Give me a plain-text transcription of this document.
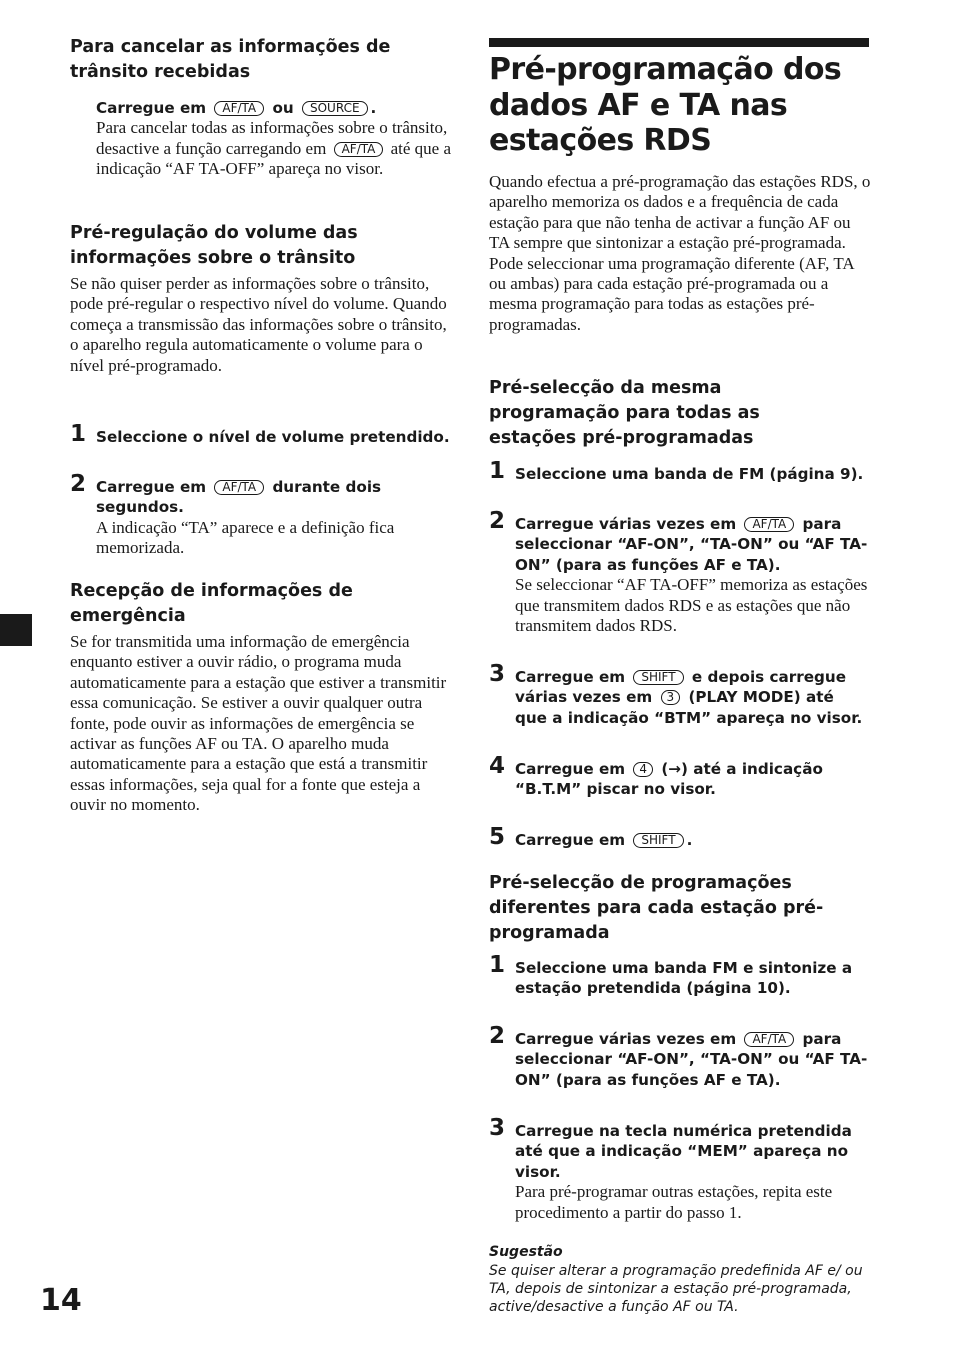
Para cancelar as informações de trânsito recebidas
Carregue em AF/TA ou SOURCE .
Para cancelar todas as informações sobre o trânsito, desactive a função carregando em AF/TA até que a indicação “AF TA-OFF” apareça no visor.
Pré-regulação do volume das informações sobre o trânsito
Se não quiser perder as informações sobre o trânsito, pode pré-regular o respectivo nível do volume. Quando começa a transmissão das informações sobre o trânsito, o aparelho regula automaticamente o volume para o nível pré-programado.
1 Seleccione o nível de volume pretendido.
2 Carregue em AF/TA durante dois segundos.
A indicação “TA” aparece e a definição fica memorizada.
Recepção de informações de emergência
Se for transmitida uma informação de emergência enquanto estiver a ouvir rádio, o programa muda automaticamente para a estação que estiver a transmitir essa comunicação. Se estiver a ouvir qualquer outra fonte, pode ouvir as informações de emergência se activar as funções AF ou TA. O aparelho muda automaticamente para a estação que está a transmitir essas informações, seja qual for a fonte que esteja a ouvir no momento.
Pré-programação dos dados AF e TA nas estações RDS
Quando efectua a pré-programação das estações RDS, o aparelho memoriza os dados e a frequência de cada estação para que não tenha de activar a função AF ou TA sempre que sintonizar a estação pré-programada. Pode seleccionar uma programação diferente (AF, TA ou ambas) para cada estação pré-programada ou a mesma programação para todas as estações pré-programadas.
Pré-selecção da mesma programação para todas as estações pré-programadas
1 Seleccione uma banda de FM (página 9).
2 Carregue várias vezes em AF/TA para seleccionar “AF-ON”, “TA-ON” ou “AF TA-ON” (para as funções AF e TA).
Se seleccionar “AF TA-OFF” memoriza as estações que transmitem dados RDS e as estações que não transmitem dados RDS.
3 Carregue em SHIFT e depois carregue várias vezes em 3 (PLAY MODE) até que a indicação “BTM” apareça no visor.
4 Carregue em 4 (→) até a indicação “B.T.M” piscar no visor.
5 Carregue em SHIFT .
Pré-selecção de programações diferentes para cada estação pré-programada
1 Seleccione uma banda FM e sintonize a estação pretendida (página 10).
2 Carregue várias vezes em AF/TA para seleccionar “AF-ON”, “TA-ON” ou “AF TA-ON” (para as funções AF e TA).
3 Carregue na tecla numérica pretendida até que a indicação “MEM” apareça no visor.
Para pré-programar outras estações, repita este procedimento a partir do passo 1.
Sugestão
Se quiser alterar a programação predefinida AF e/ ou TA, depois de sintonizar a estação pré-programada, active/desactive a função AF ou TA.
14
